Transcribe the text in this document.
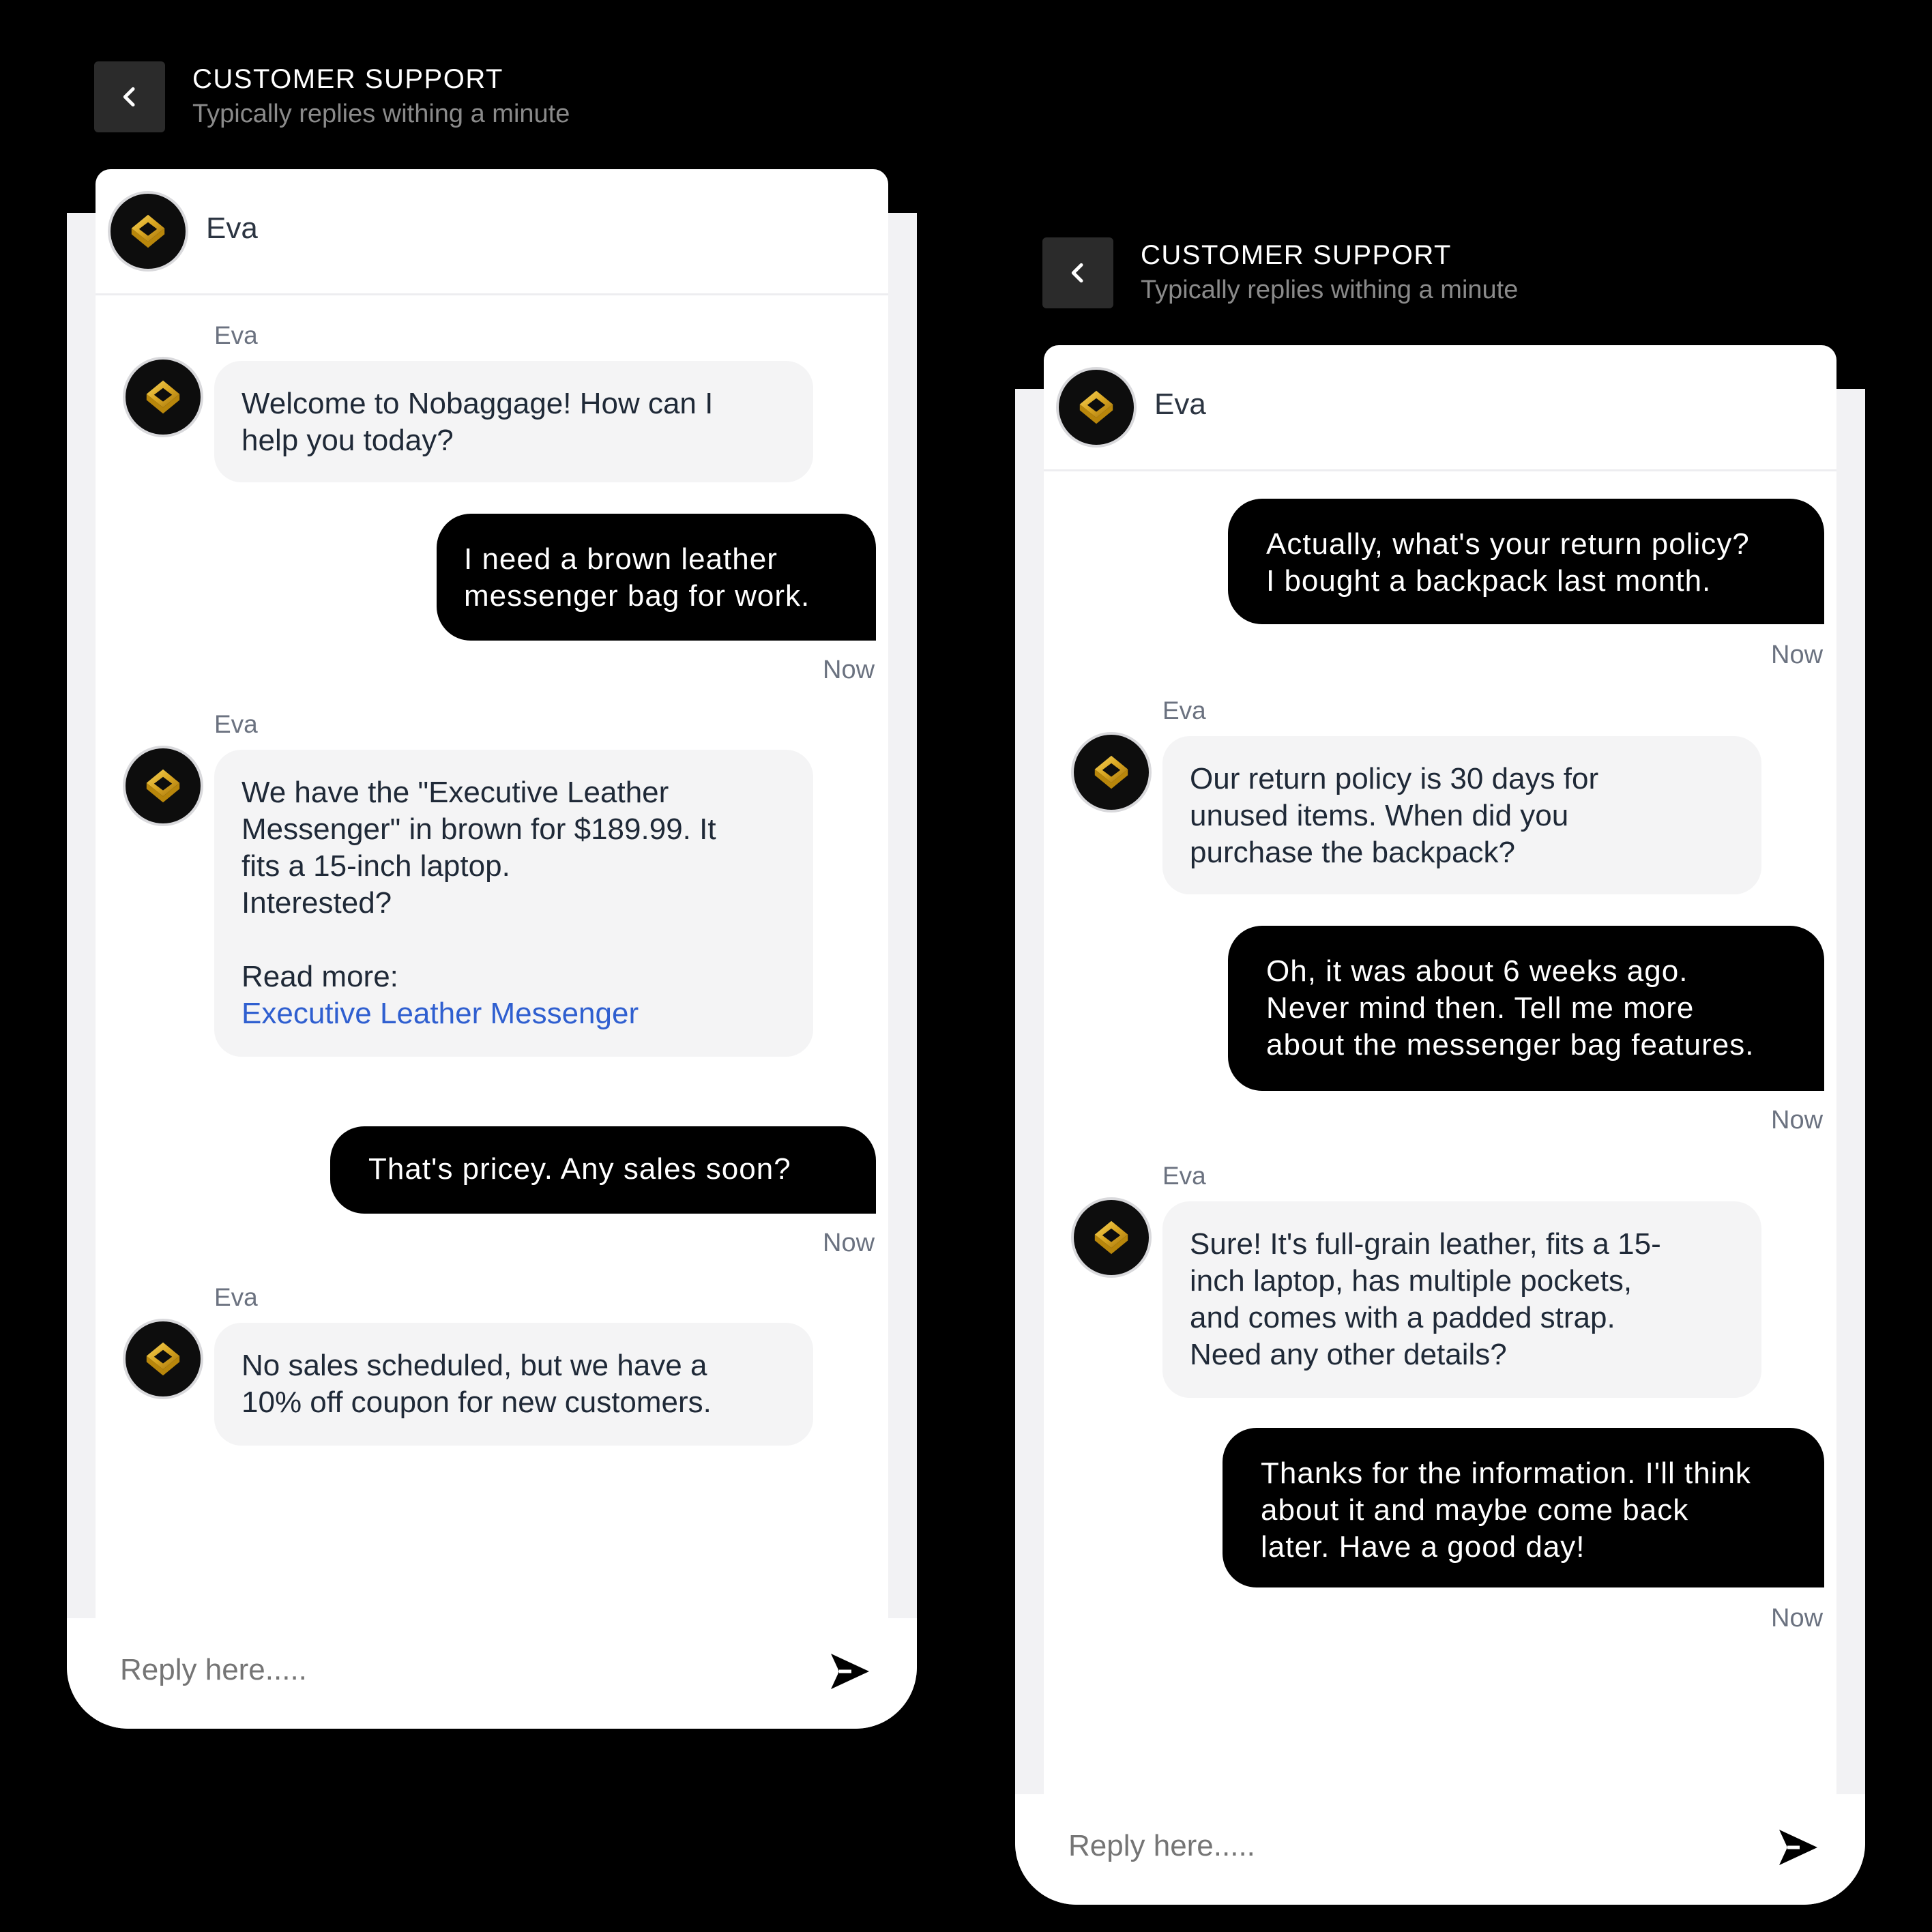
CUSTOMER SUPPORT
Typically replies withing a minute
Eva
Eva
Welcome to Nobaggage! How can I
help you today?
I need a brown leather
messenger bag for work.
Now
Eva
We have the "Executive Leather
Messenger" in brown for $189.99. It
fits a 15-inch laptop.
Interested?

Read more:
Executive Leather Messenger
That's pricey. Any sales soon?
Now
Eva
No sales scheduled, but we have a
10% off coupon for new customers.
Reply here.....
CUSTOMER SUPPORT
Typically replies withing a minute
Eva
Actually, what's your return policy?
I bought a backpack last month.
Now
Eva
Our return policy is 30 days for
unused items. When did you
purchase the backpack?
Oh, it was about 6 weeks ago.
Never mind then. Tell me more
about the messenger bag features.
Now
Eva
Sure! It's full-grain leather, fits a 15-
inch laptop, has multiple pockets,
and comes with a padded strap.
Need any other details?
Thanks for the information. I'll think
about it and maybe come back
later. Have a good day!
Now
Reply here.....
